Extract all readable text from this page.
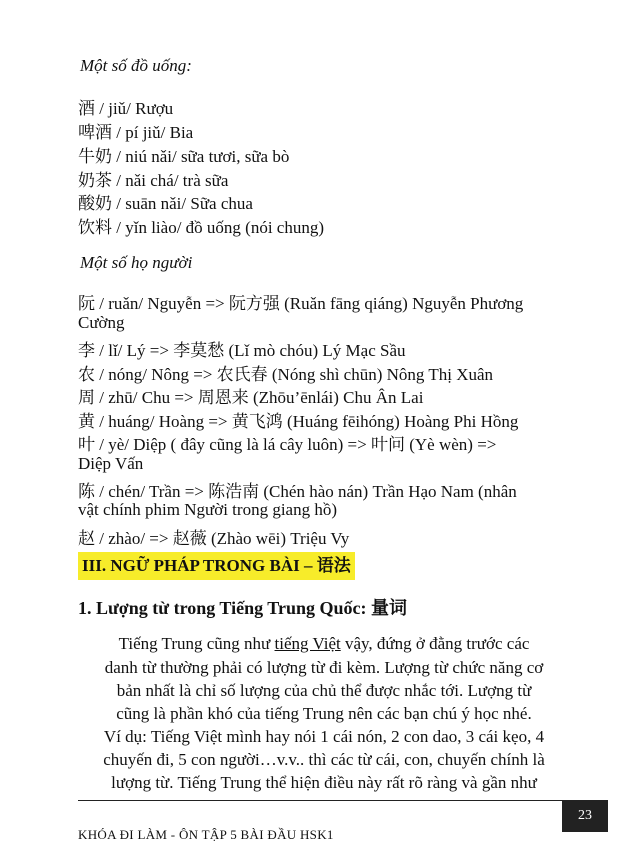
Một số đồ uống:
酒 / jiǔ/ Rượu
啤酒 / pí jiǔ/ Bia
牛奶 / niú nǎi/ sữa tươi, sữa bò
奶茶 / nǎi chá/ trà sữa
酸奶 / suān nǎi/ Sữa chua
饮料 / yǐn liào/ đồ uống (nói chung)
Một số họ người
阮 / ruǎn/ Nguyễn => 阮方强 (Ruǎn fāng qiáng) Nguyễn Phương
Cường
李 / lǐ/ Lý => 李莫愁 (Lǐ mò chóu) Lý Mạc Sầu
农 / nóng/ Nông => 农氏春 (Nóng shì chūn) Nông Thị Xuân
周 / zhū/ Chu => 周恩来 (Zhōu’ēnlái) Chu Ân Lai
黄 / huáng/ Hoàng => 黄飞鸿 (Huáng fēihóng) Hoàng Phi Hồng
叶 / yè/ Diệp ( đây cũng là lá cây luôn) => 叶问 (Yè wèn) =>
Diệp Vấn
陈 / chén/ Trần => 陈浩南 (Chén hào nán) Trần Hạo Nam (nhân
vật chính phim Người trong giang hồ)
赵 / zhào/ => 赵薇 (Zhào wēi) Triệu Vy
III. NGỮ PHÁP TRONG BÀI – 语法
1. Lượng từ trong Tiếng Trung Quốc: 量词
Tiếng Trung cũng như tiếng Việt vậy, đứng ở đằng trước các
danh từ thường phải có lượng từ đi kèm. Lượng từ chức năng cơ
bản nhất là chỉ số lượng của chủ thể được nhắc tới. Lượng từ
cũng là phần khó của tiếng Trung nên các bạn chú ý học nhé.
Ví dụ: Tiếng Việt mình hay nói 1 cái nón, 2 con dao, 3 cái kẹo, 4
chuyến đi, 5 con người…v.v.. thì các từ cái, con, chuyến chính là
lượng từ. Tiếng Trung thể hiện điều này rất rõ ràng và gần như
23
KHÓA ĐI LÀM - ÔN TẬP 5 BÀI ĐẦU HSK1
